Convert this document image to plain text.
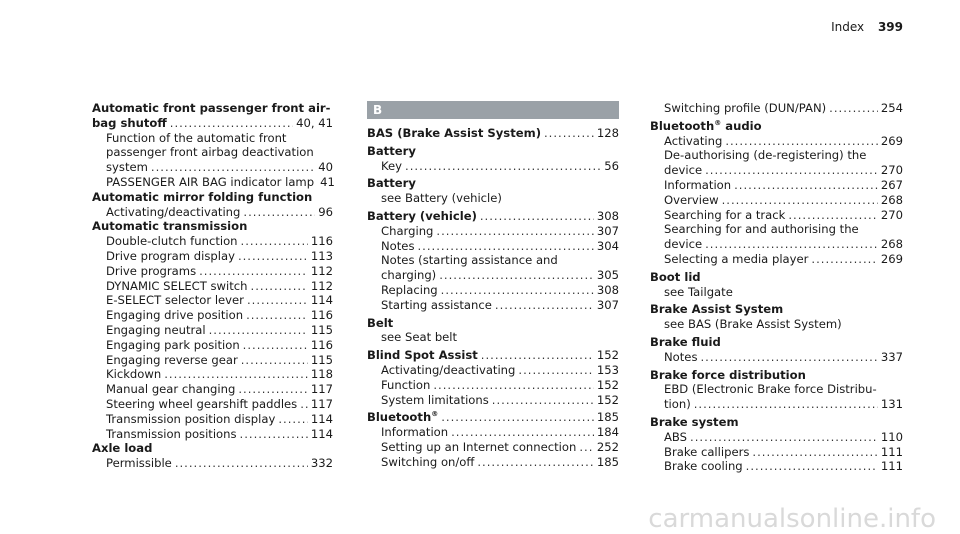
Index 399
Automatic front passenger front air-
bag shutoff .....	40, 41
Function of the automatic front
passenger front airbag deactivation
system .....	40
PASSENGER AIR BAG indicator lamp 41
Automatic mirror folding function
Activating/deactivating .....	96
Automatic transmission
Double-clutch function .....	116
Drive program display .....	113
Drive programs .....	112
DYNAMIC SELECT switch .....	112
E-SELECT selector lever .....	114
Engaging drive position .....	116
Engaging neutral .....	115
Engaging park position .....	116
Engaging reverse gear .....	115
Kickdown .....	118
Manual gear changing .....	117
Steering wheel gearshift paddles ..... 117
Transmission position display .....	114
Transmission positions .....	114
Axle load
Permissible .....	332
B
BAS (Brake Assist System) .....	128
Battery
Key .....	56
Battery
see Battery (vehicle)
Battery (vehicle) .....	308
Charging .....	307
Notes .....	304
Notes (starting assistance and
charging) .....	305
Replacing .....	308
Starting assistance .....	307
Belt
see Seat belt
Blind Spot Assist .....	152
Activating/deactivating .....	153
Function .....	152
System limitations .....	152
Bluetooth® .....	185
Information .....	184
Setting up an Internet connection ..... 252
Switching on/off .....	185
Switching profile (DUN/PAN) .....	254
Bluetooth® audio
Activating .....	269
De-authorising (de-registering) the
device .....	270
Information .....	267
Overview .....	268
Searching for a track .....	270
Searching for and authorising the
device .....	268
Selecting a media player .....	269
Boot lid
see Tailgate
Brake Assist System
see BAS (Brake Assist System)
Brake fluid
Notes .....	337
Brake force distribution
EBD (Electronic Brake force Distribu-
tion) .....	131
Brake system
ABS .....	110
Brake callipers .....	111
Brake cooling .....	111
carmanualsonline.info
